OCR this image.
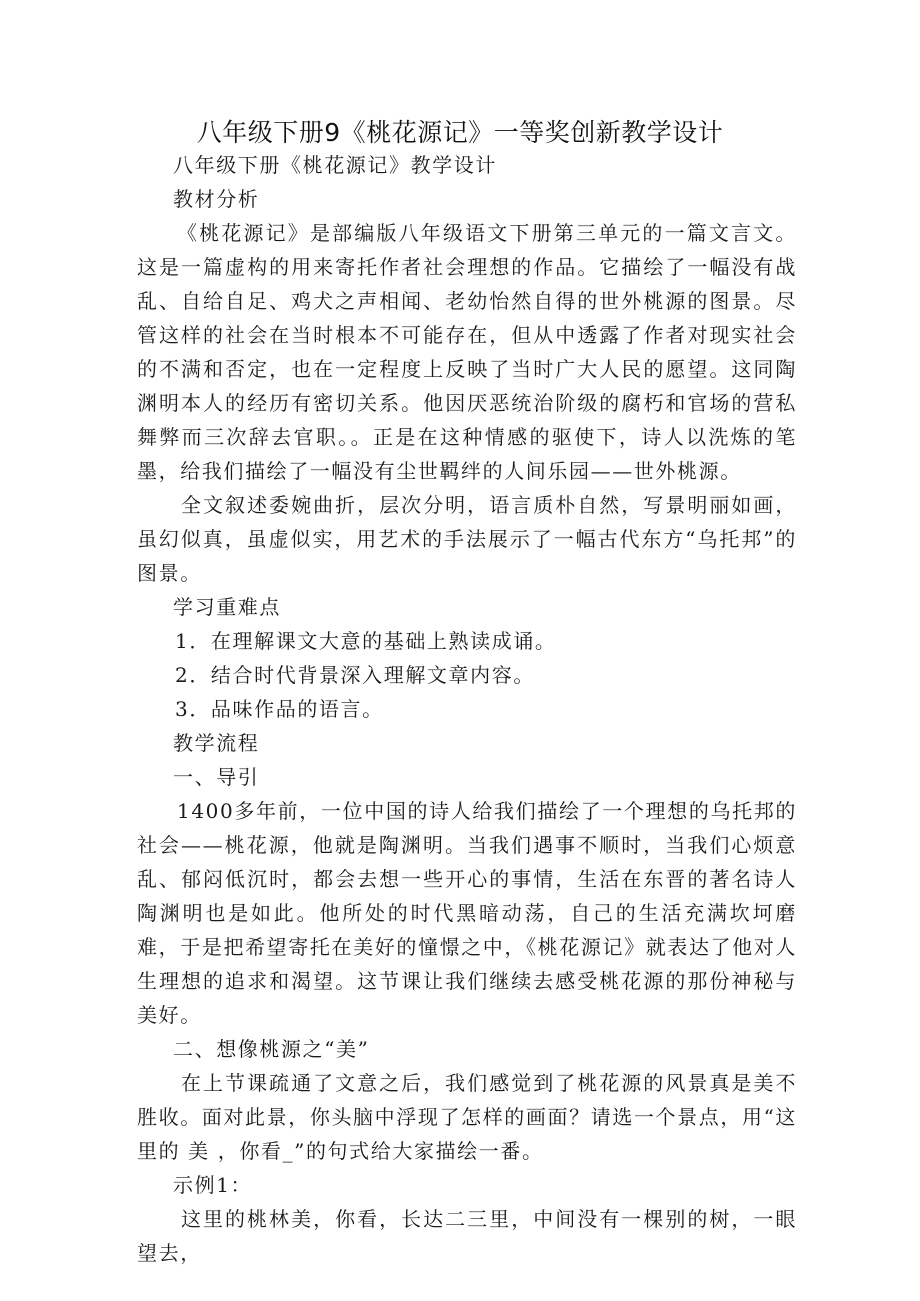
八年级下册9《桃花源记》一等奖创新教学设计

八年级下册《桃花源记》教学设计

教材分析

《桃花源记》是部编版八年级语文下册第三单元的一篇文言文。这是一篇虚构的用来寄托作者社会理想的作品。它描绘了一幅没有战乱、自给自足、鸡犬之声相闻、老幼怡然自得的世外桃源的图景。尽管这样的社会在当时根本不可能存在，但从中透露了作者对现实社会的不满和否定，也在一定程度上反映了当时广大人民的愿望。这同陶渊明本人的经历有密切关系。他因厌恶统治阶级的腐朽和官场的营私舞弊而三次辞去官职。。正是在这种情感的驱使下，诗人以洗炼的笔墨，给我们描绘了一幅没有尘世羁绊的人间乐园——世外桃源。

全文叙述委婉曲折，层次分明，语言质朴自然，写景明丽如画，虽幻似真，虽虚似实，用艺术的手法展示了一幅古代东方“乌托邦”的图景。

学习重难点

1．在理解课文大意的基础上熟读成诵。

2．结合时代背景深入理解文章内容。

3．品味作品的语言。

教学流程

一、导引

1400多年前，一位中国的诗人给我们描绘了一个理想的乌托邦的社会——桃花源，他就是陶渊明。当我们遇事不顺时，当我们心烦意乱、郁闷低沉时，都会去想一些开心的事情，生活在东晋的著名诗人陶渊明也是如此。他所处的时代黑暗动荡，自己的生活充满坎坷磨难，于是把希望寄托在美好的憧憬之中，《桃花源记》就表达了他对人生理想的追求和渴望。这节课让我们继续去感受桃花源的那份神秘与美好。

二、想像桃源之“美”

在上节课疏通了文意之后，我们感觉到了桃花源的风景真是美不胜收。面对此景，你头脑中浮现了怎样的画面？请选一个景点，用“这里的 美 ，你看_”的句式给大家描绘一番。

示例1：

这里的桃林美，你看，长达二三里，中间没有一棵别的树，一眼望去，
